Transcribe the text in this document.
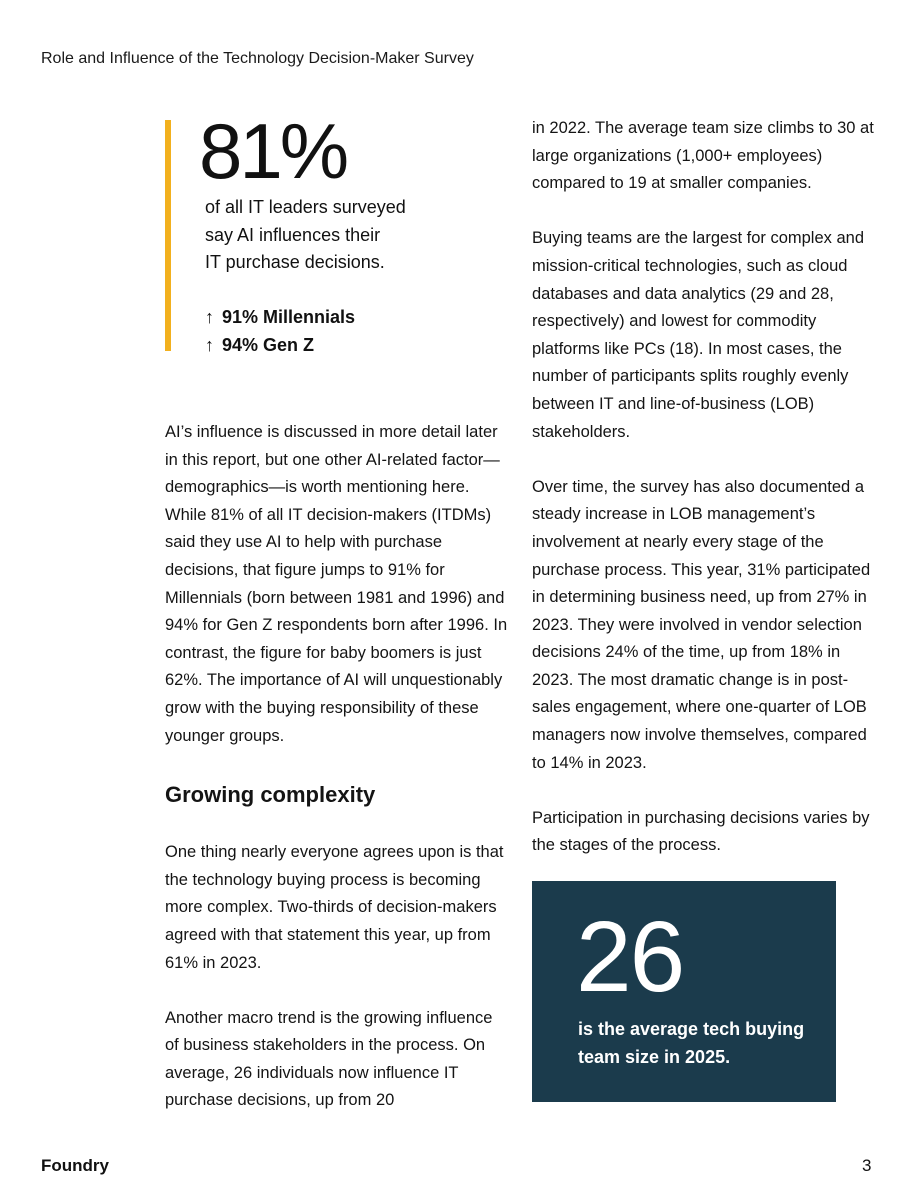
Role and Influence of the Technology Decision-Maker Survey
81%
of all IT leaders surveyed
say AI influences their
IT purchase decisions.
↑ 91% Millennials
↑ 94% Gen Z

AI’s influence is discussed in more detail later in this report, but one other AI-related factor—demographics—is worth mentioning here. While 81% of all IT decision-makers (ITDMs) said they use AI to help with purchase decisions, that figure jumps to 91% for Millennials (born between 1981 and 1996) and 94% for Gen Z respondents born after 1996. In contrast, the figure for baby boomers is just 62%. The importance of AI will unquestionably grow with the buying responsibility of these younger groups.

Growing complexity

One thing nearly everyone agrees upon is that the technology buying process is becoming more complex. Two-thirds of decision-makers agreed with that statement this year, up from 61% in 2023.

Another macro trend is the growing influence of business stakeholders in the process. On average, 26 individuals now influence IT purchase decisions, up from 20

in 2022. The average team size climbs to 30 at large organizations (1,000+ employees) compared to 19 at smaller companies.

Buying teams are the largest for complex and mission-critical technologies, such as cloud databases and data analytics (29 and 28, respectively) and lowest for commodity platforms like PCs (18). In most cases, the number of participants splits roughly evenly between IT and line-of-business (LOB) stakeholders.

Over time, the survey has also documented a steady increase in LOB management’s involvement at nearly every stage of the purchase process. This year, 31% participated in determining business need, up from 27% in 2023. They were involved in vendor selection decisions 24% of the time, up from 18% in 2023. The most dramatic change is in post-sales engagement, where one-quarter of LOB managers now involve themselves, compared to 14% in 2023.

Participation in purchasing decisions varies by the stages of the process.

26
is the average tech buying team size in 2025.
Foundry	3
